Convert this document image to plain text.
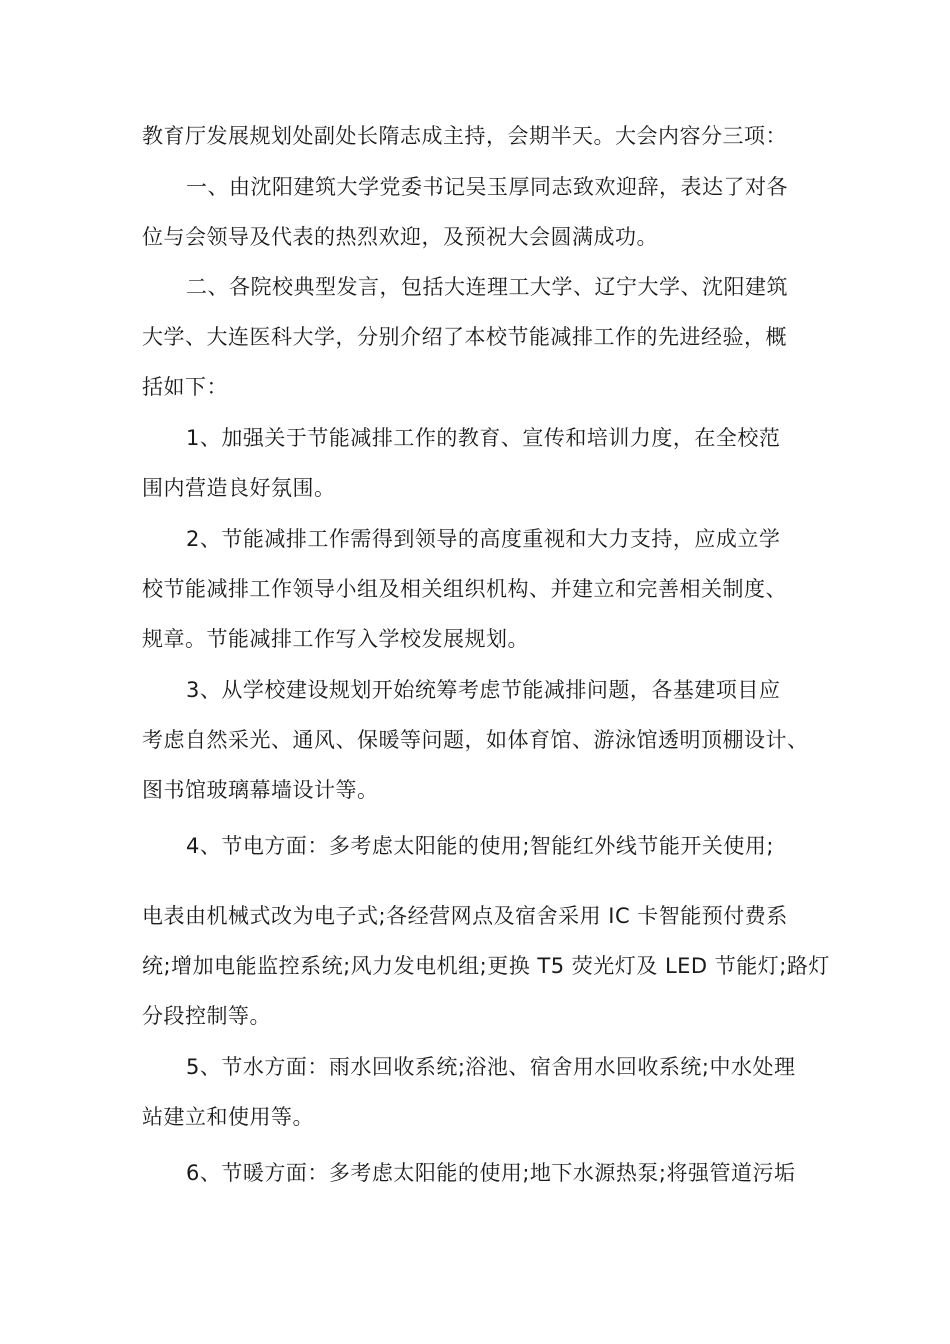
教育厅发展规划处副处长隋志成主持，会期半天。大会内容分三项：
一、由沈阳建筑大学党委书记吴玉厚同志致欢迎辞，表达了对各
位与会领导及代表的热烈欢迎，及预祝大会圆满成功。
二、各院校典型发言，包括大连理工大学、辽宁大学、沈阳建筑
大学、大连医科大学，分别介绍了本校节能减排工作的先进经验，概
括如下：
1、加强关于节能减排工作的教育、宣传和培训力度，在全校范
围内营造良好氛围。
2、节能减排工作需得到领导的高度重视和大力支持，应成立学
校节能减排工作领导小组及相关组织机构、并建立和完善相关制度、
规章。节能减排工作写入学校发展规划。
3、从学校建设规划开始统筹考虑节能减排问题，各基建项目应
考虑自然采光、通风、保暖等问题，如体育馆、游泳馆透明顶棚设计、
图书馆玻璃幕墙设计等。
4、节电方面：多考虑太阳能的使用;智能红外线节能开关使用;
电表由机械式改为电子式;各经营网点及宿舍采用 IC 卡智能预付费系
统;增加电能监控系统;风力发电机组;更换 T5 荧光灯及 LED 节能灯;路灯
分段控制等。
5、节水方面：雨水回收系统;浴池、宿舍用水回收系统;中水处理
站建立和使用等。
6、节暖方面：多考虑太阳能的使用;地下水源热泵;将强管道污垢
